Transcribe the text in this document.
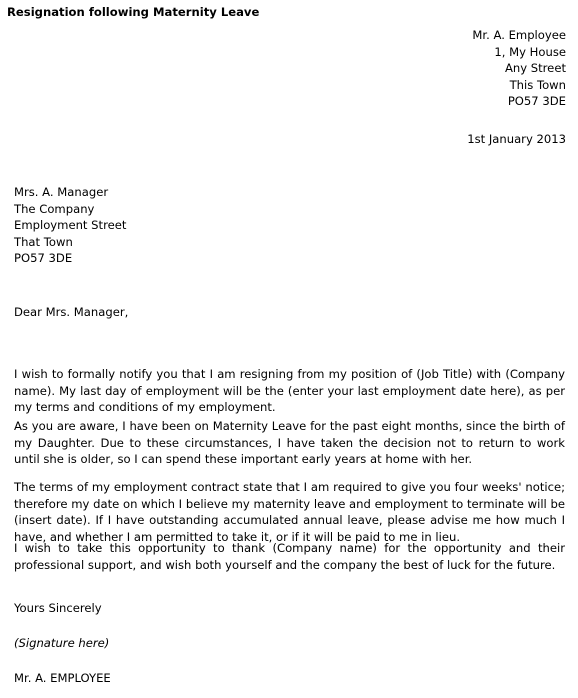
Resignation following Maternity Leave
Mr. A. Employee
1, My House
Any Street
This Town
PO57 3DE
1st January 2013
Mrs. A. Manager
The Company
Employment Street
That Town
PO57 3DE
Dear Mrs. Manager,
I wish to formally notify you that I am resigning from my position of (Job Title) with (Company name). My last day of employment will be the (enter your last employment date here), as per my terms and conditions of my employment.
As you are aware, I have been on Maternity Leave for the past eight months, since the birth of my Daughter. Due to these circumstances, I have taken the decision not to return to work until she is older, so I can spend these important early years at home with her.
The terms of my employment contract state that I am required to give you four weeks' notice; therefore my date on which I believe my maternity leave and employment to terminate will be (insert date). If I have outstanding accumulated annual leave, please advise me how much I have, and whether I am permitted to take it, or if it will be paid to me in lieu.
I wish to take this opportunity to thank (Company name) for the opportunity and their professional support, and wish both yourself and the company the best of luck for the future.
Yours Sincerely
(Signature here)
Mr. A. EMPLOYEE
